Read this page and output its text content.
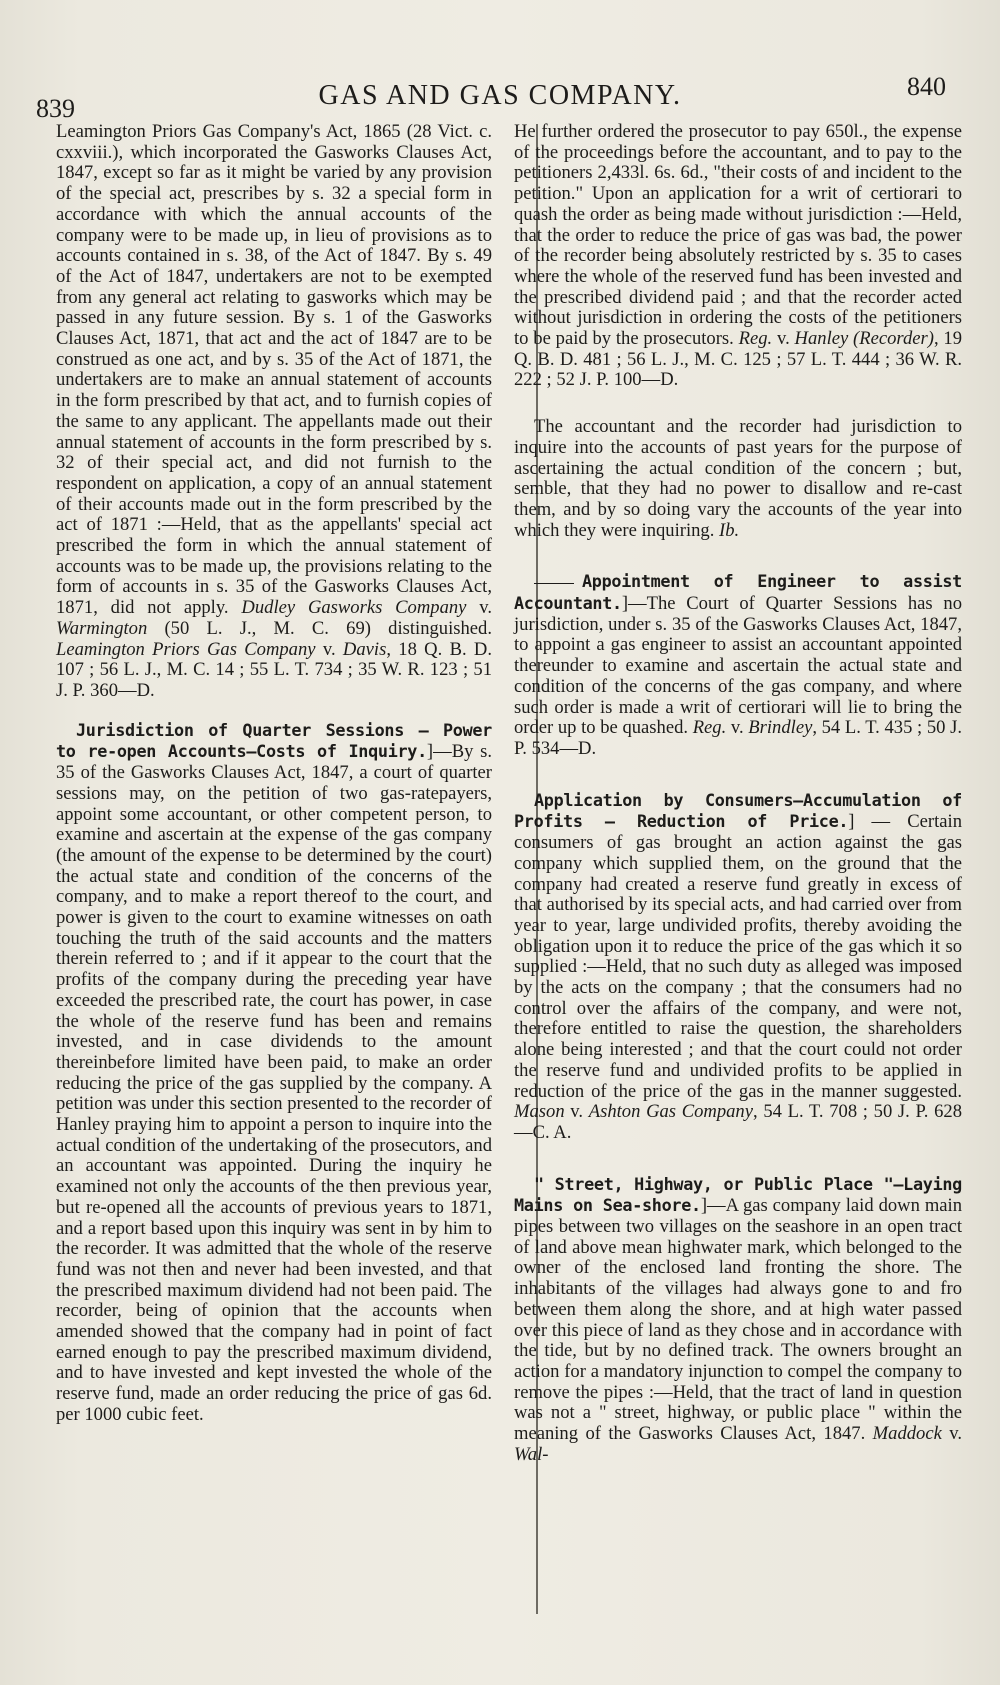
839	GAS AND GAS COMPANY.	840

Leamington Priors Gas Company's Act, 1865 (28 Vict. c. cxxviii.), which incorporated the Gasworks Clauses Act, 1847, except so far as it might be varied by any provision of the special act, prescribes by s. 32 a special form in accordance with which the annual accounts of the company were to be made up, in lieu of provisions as to accounts contained in s. 38, of the Act of 1847. By s. 49 of the Act of 1847, undertakers are not to be exempted from any general act relating to gasworks which may be passed in any future session. By s. 1 of the Gasworks Clauses Act, 1871, that act and the act of 1847 are to be construed as one act, and by s. 35 of the Act of 1871, the undertakers are to make an annual statement of accounts in the form prescribed by that act, and to furnish copies of the same to any applicant. The appellants made out their annual statement of accounts in the form prescribed by s. 32 of their special act, and did not furnish to the respondent on application, a copy of an annual statement of their accounts made out in the form prescribed by the act of 1871 :—Held, that as the appellants' special act prescribed the form in which the annual statement of accounts was to be made up, the provisions relating to the form of accounts in s. 35 of the Gasworks Clauses Act, 1871, did not apply. Dudley Gasworks Company v. Warmington (50 L. J., M. C. 69) distinguished. Leamington Priors Gas Company v. Davis, 18 Q. B. D. 107 ; 56 L. J., M. C. 14 ; 55 L. T. 734 ; 35 W. R. 123 ; 51 J. P. 360—D.

Jurisdiction of Quarter Sessions — Power to re-open Accounts—Costs of Inquiry.]—By s. 35 of the Gasworks Clauses Act, 1847, a court of quarter sessions may, on the petition of two gas-ratepayers, appoint some accountant, or other competent person, to examine and ascertain at the expense of the gas company (the amount of the expense to be determined by the court) the actual state and condition of the concerns of the company, and to make a report thereof to the court, and power is given to the court to examine witnesses on oath touching the truth of the said accounts and the matters therein referred to ; and if it appear to the court that the profits of the company during the preceding year have exceeded the prescribed rate, the court has power, in case the whole of the reserve fund has been and remains invested, and in case dividends to the amount thereinbefore limited have been paid, to make an order reducing the price of the gas supplied by the company. A petition was under this section presented to the recorder of Hanley praying him to appoint a person to inquire into the actual condition of the undertaking of the prosecutors, and an accountant was appointed. During the inquiry he examined not only the accounts of the then previous year, but re-opened all the accounts of previous years to 1871, and a report based upon this inquiry was sent in by him to the recorder. It was admitted that the whole of the reserve fund was not then and never had been invested, and that the prescribed maximum dividend had not been paid. The recorder, being of opinion that the accounts when amended showed that the company had in point of fact earned enough to pay the prescribed maximum dividend, and to have invested and kept invested the whole of the reserve fund, made an order reducing the price of gas 6d. per 1000 cubic feet.

He further ordered the prosecutor to pay 650l., the expense of the proceedings before the accountant, and to pay to the petitioners 2,433l. 6s. 6d., "their costs of and incident to the petition." Upon an application for a writ of certiorari to quash the order as being made without jurisdiction :—Held, that the order to reduce the price of gas was bad, the power of the recorder being absolutely restricted by s. 35 to cases where the whole of the reserved fund has been invested and the prescribed dividend paid ; and that the recorder acted without jurisdiction in ordering the costs of the petitioners to be paid by the prosecutors. Reg. v. Hanley (Recorder), 19 Q. B. D. 481 ; 56 L. J., M. C. 125 ; 57 L. T. 444 ; 36 W. R. 222 ; 52 J. P. 100—D.

The accountant and the recorder had jurisdiction to inquire into the accounts of past years for the purpose of ascertaining the actual condition of the concern ; but, semble, that they had no power to disallow and re-cast them, and by so doing vary the accounts of the year into which they were inquiring. Ib.

Appointment of Engineer to assist Accountant.]—The Court of Quarter Sessions has no jurisdiction, under s. 35 of the Gasworks Clauses Act, 1847, to appoint a gas engineer to assist an accountant appointed thereunder to examine and ascertain the actual state and condition of the concerns of the gas company, and where such order is made a writ of certiorari will lie to bring the order up to be quashed. Reg. v. Brindley, 54 L. T. 435 ; 50 J. P. 534—D.

Application by Consumers—Accumulation of Profits — Reduction of Price.] — Certain consumers of gas brought an action against the gas company which supplied them, on the ground that the company had created a reserve fund greatly in excess of that authorised by its special acts, and had carried over from year to year, large undivided profits, thereby avoiding the obligation upon it to reduce the price of the gas which it so supplied :—Held, that no such duty as alleged was imposed by the acts on the company ; that the consumers had no control over the affairs of the company, and were not, therefore entitled to raise the question, the shareholders alone being interested ; and that the court could not order the reserve fund and undivided profits to be applied in reduction of the price of the gas in the manner suggested. Mason v. Ashton Gas Company, 54 L. T. 708 ; 50 J. P. 628—C. A.

" Street, Highway, or Public Place "—Laying Mains on Sea-shore.]—A gas company laid down main pipes between two villages on the seashore in an open tract of land above mean highwater mark, which belonged to the owner of the enclosed land fronting the shore. The inhabitants of the villages had always gone to and fro between them along the shore, and at high water passed over this piece of land as they chose and in accordance with the tide, but by no defined track. The owners brought an action for a mandatory injunction to compel the company to remove the pipes :—Held, that the tract of land in question was not a " street, highway, or public place " within the meaning of the Gasworks Clauses Act, 1847. Maddock v. Wal-
